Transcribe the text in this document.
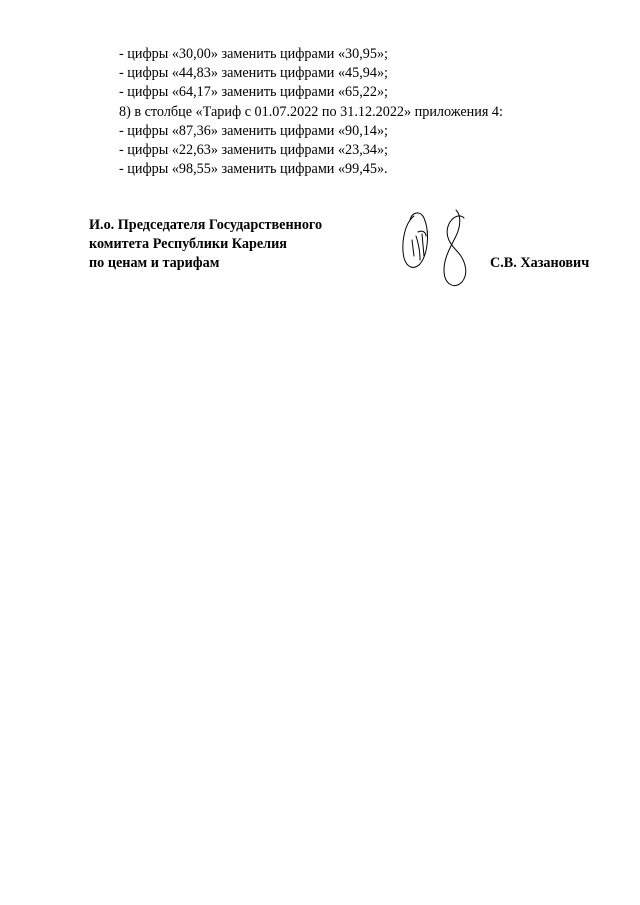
- цифры «30,00» заменить цифрами «30,95»;
- цифры «44,83» заменить цифрами «45,94»;
- цифры «64,17» заменить цифрами «65,22»;
8) в столбце «Тариф с 01.07.2022 по 31.12.2022» приложения 4:
- цифры «87,36» заменить цифрами «90,14»;
- цифры «22,63» заменить цифрами «23,34»;
- цифры «98,55» заменить цифрами «99,45».
И.о. Председателя Государственного
комитета Республики Карелия
по ценам и тарифам	С.В. Хазанович
